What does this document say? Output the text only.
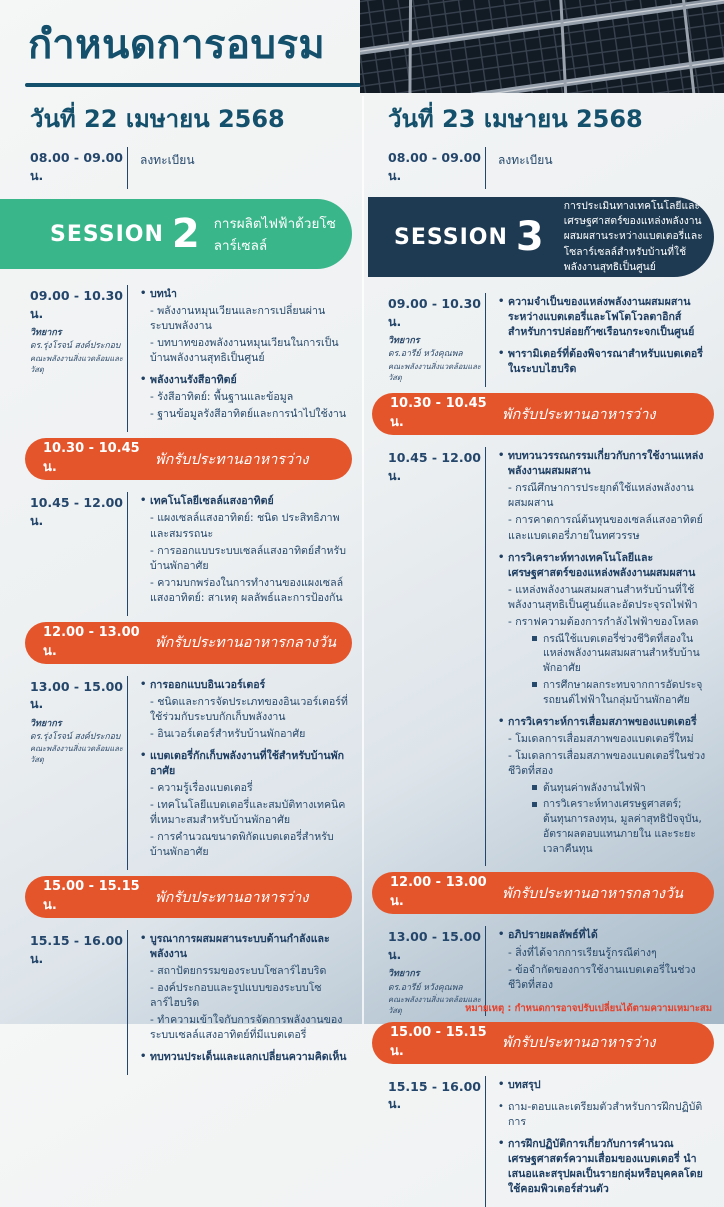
กำหนดการอบรม
วันที่ 22 เมษายน 2568
08.00 - 09.00 น.
ลงทะเบียน
SESSION 2 การผลิตไฟฟ้าด้วยโซลาร์เซลล์
09.00 - 10.30 น.
วิทยากร
ดร.รุ่งโรจน์ สงค์ประกอบ
คณะพลังงานสิ่งแวดล้อมและวัสดุ
• บทนำ
- พลังงานหมุนเวียนและการเปลี่ยนผ่านระบบพลังงาน
- บทบาทของพลังงานหมุนเวียนในการเป็นบ้านพลังงานสุทธิเป็นศูนย์
• พลังงานรังสีอาทิตย์
- รังสีอาทิตย์: พื้นฐานและข้อมูล
- ฐานข้อมูลรังสีอาทิตย์และการนำไปใช้งาน
10.30 - 10.45 น.	พักรับประทานอาหารว่าง
10.45 - 12.00 น.
• เทคโนโลยีเซลล์แสงอาทิตย์
- แผงเซลล์แสงอาทิตย์: ชนิด ประสิทธิภาพและสมรรถนะ
- การออกแบบระบบเซลล์แสงอาทิตย์สำหรับบ้านพักอาศัย
- ความบกพร่องในการทำงานของแผงเซลล์แสงอาทิตย์: สาเหตุ ผลลัพธ์และการป้องกัน
12.00 - 13.00 น.	พักรับประทานอาหารกลางวัน
13.00 - 15.00 น.
วิทยากร
ดร.รุ่งโรจน์ สงค์ประกอบ
คณะพลังงานสิ่งแวดล้อมและวัสดุ
• การออกแบบอินเวอร์เตอร์
- ชนิดและการจัดประเภทของอินเวอร์เตอร์ที่ใช้ร่วมกับระบบกักเก็บพลังงาน
- อินเวอร์เตอร์สำหรับบ้านพักอาศัย
• แบตเตอรี่กักเก็บพลังงานที่ใช้สำหรับบ้านพักอาศัย
- ความรู้เรื่องแบตเตอรี่
- เทคโนโลยีแบตเตอรี่และสมบัติทางเทคนิคที่เหมาะสมสำหรับบ้านพักอาศัย
- การคำนวณขนาดพิกัดแบตเตอรี่สำหรับบ้านพักอาศัย
15.00 - 15.15 น.	พักรับประทานอาหารว่าง
15.15 - 16.00 น.
• บูรณาการผสมผสานระบบด้านกำลังและพลังงาน
- สถาปัตยกรรมของระบบโซลาร์ไฮบริด
- องค์ประกอบและรูปแบบของระบบโซลาร์ไฮบริด
- ทำความเข้าใจกับการจัดการพลังงานของระบบเซลล์แสงอาทิตย์ที่มีแบตเตอรี่
• ทบทวนประเด็นและแลกเปลี่ยนความคิดเห็น
วันที่ 23 เมษายน 2568
08.00 - 09.00 น.
ลงทะเบียน
SESSION 3
การประเมินทางเทคโนโลยีและเศรษฐศาสตร์ของแหล่งพลังงานผสมผสานระหว่างแบตเตอรี่และโซลาร์เซลล์สำหรับบ้านที่ใช้พลังงานสุทธิเป็นศูนย์
09.00 - 10.30 น.
วิทยากร
ดร.อารีย์ หวังคุณพล
คณะพลังงานสิ่งแวดล้อมและวัสดุ
• ความจำเป็นของแหล่งพลังงานผสมผสานระหว่างแบตเตอรี่และโฟโตโวลตาอิกส์สำหรับการปล่อยก๊าซเรือนกระจกเป็นศูนย์
• พารามิเตอร์ที่ต้องพิจารณาสำหรับแบตเตอรี่ในระบบไฮบริด
10.30 - 10.45 น.	พักรับประทานอาหารว่าง
10.45 - 12.00 น.
• ทบทวนวรรณกรรมเกี่ยวกับการใช้งานแหล่งพลังงานผสมผสาน
- กรณีศึกษาการประยุกต์ใช้แหล่งพลังงานผสมผสาน
- การคาดการณ์ต้นทุนของเซลล์แสงอาทิตย์และแบตเตอรี่ภายในทศวรรษ
• การวิเคราะห์ทางเทคโนโลยีและเศรษฐศาสตร์ของแหล่งพลังงานผสมผสาน
- แหล่งพลังงานผสมผสานสำหรับบ้านที่ใช้พลังงานสุทธิเป็นศูนย์และอัดประจุรถไฟฟ้า
- กราฟความต้องการกำลังไฟฟ้าของโหลด
กรณีใช้แบตเตอรี่ช่วงชีวิตที่สองในแหล่งพลังงานผสมผสานสำหรับบ้านพักอาศัย
การศึกษาผลกระทบจากการอัดประจุรถยนต์ไฟฟ้าในกลุ่มบ้านพักอาศัย
• การวิเคราะห์การเสื่อมสภาพของแบตเตอรี่
- โมเดลการเสื่อมสภาพของแบตเตอรี่ใหม่
- โมเดลการเสื่อมสภาพของแบตเตอรี่ในช่วงชีวิตที่สอง
ต้นทุนค่าพลังงานไฟฟ้า
การวิเคราะห์ทางเศรษฐศาสตร์; ต้นทุนการลงทุน, มูลค่าสุทธิปัจจุบัน, อัตราผลตอบแทนภายใน และระยะเวลาคืนทุน
12.00 - 13.00 น.	พักรับประทานอาหารกลางวัน
13.00 - 15.00 น.
วิทยากร
ดร.อารีย์ หวังคุณพล
คณะพลังงานสิ่งแวดล้อมและวัสดุ
• อภิปรายผลลัพธ์ที่ได้
- สิ่งที่ได้จากการเรียนรู้กรณีต่างๆ
- ข้อจำกัดของการใช้งานแบตเตอรี่ในช่วงชีวิตที่สอง
15.00 - 15.15 น.	พักรับประทานอาหารว่าง
15.15 - 16.00 น.
• บทสรุป
• ถาม-ตอบและเตรียมตัวสำหรับการฝึกปฏิบัติการ
• การฝึกปฏิบัติการเกี่ยวกับการคำนวณเศรษฐศาสตร์ความเสื่อมของแบตเตอรี่ นำเสนอและสรุปผลเป็นรายกลุ่มหรือบุคคลโดยใช้คอมพิวเตอร์ส่วนตัว
หมายเหตุ : กำหนดการอาจปรับเปลี่ยนได้ตามความเหมาะสม
